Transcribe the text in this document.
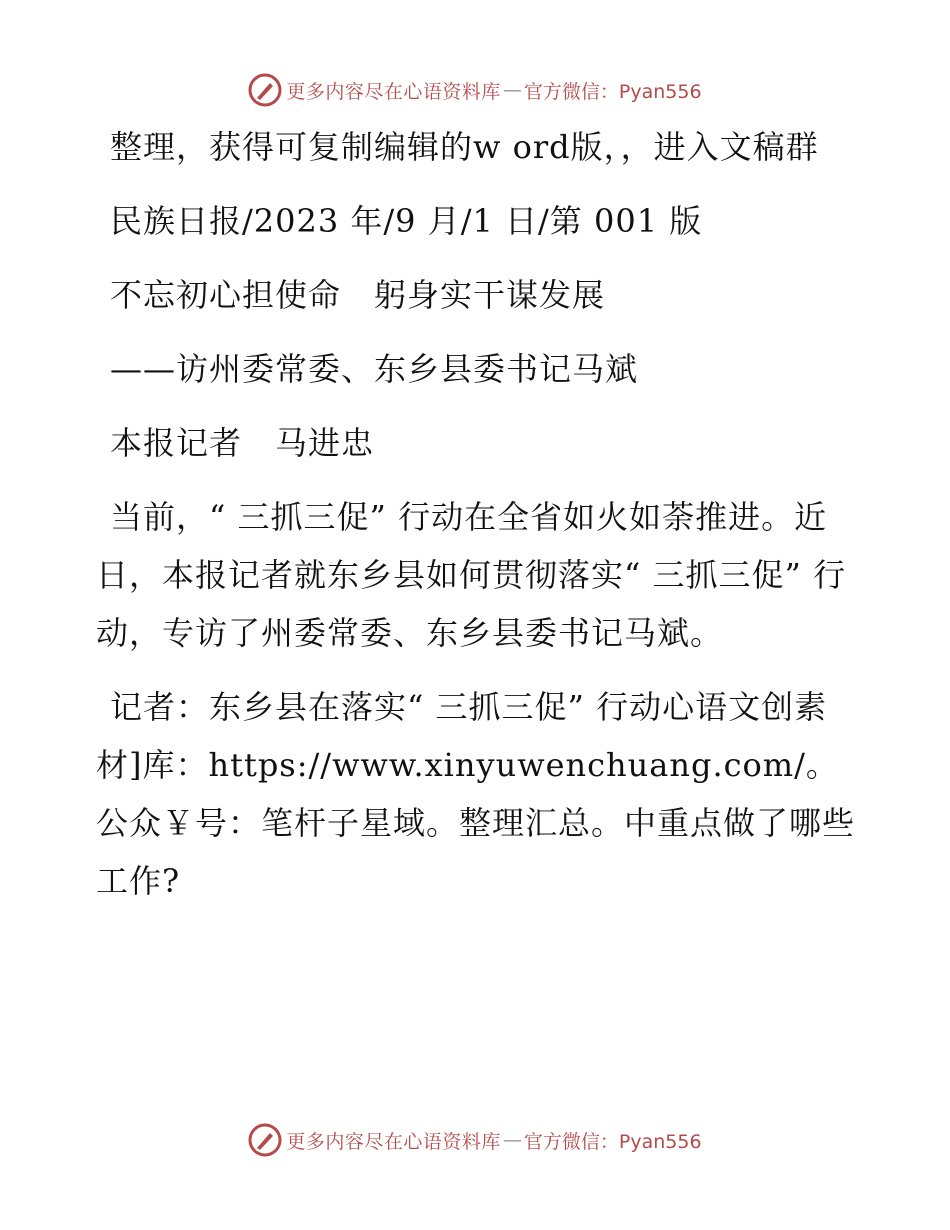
更多内容尽在心语资料库 — 官方微信：Pyan556

整理，获得可复制编辑的w ord版，，进入文稿群

民族日报/2023 年/9 月/1 日/第 001 版

不忘初心担使命　躬身实干谋发展

——访州委常委、东乡县委书记马斌

本报记者　马进忠

当前，“ 三抓三促” 行动在全省如火如荼推进。近日，本报记者就东乡县如何贯彻落实“ 三抓三促” 行动，专访了州委常委、东乡县委书记马斌。

记者：东乡县在落实“ 三抓三促” 行动心语文创素材]库：https://www.xinyuwenchuang.com/。公众￥号：笔杆子星域。整理汇总。中重点做了哪些工作?

更多内容尽在心语资料库 — 官方微信：Pyan556
